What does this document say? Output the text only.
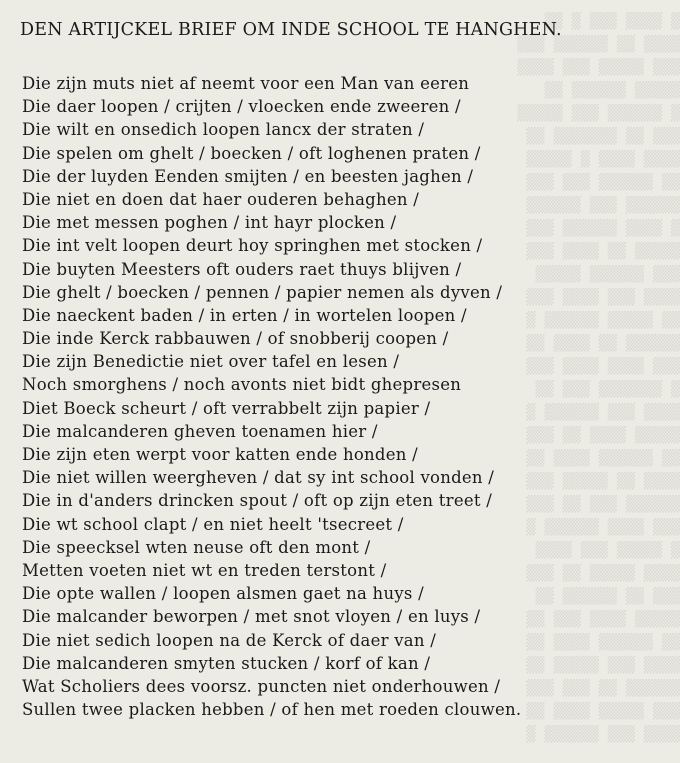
▒ ▒▒▒▒ ▒▒▒ ▒ ▒▒
▒▒▒▒ ▒▒ ▒▒▒▒▒▒ ▒▒▒
▒▒▒ ▒▒▒▒▒ ▒▒▒ ▒▒▒▒
▒▒▒▒▒ ▒▒▒▒▒▒ ▒▒
▒ ▒▒▒▒▒▒ ▒▒▒ ▒▒▒▒▒
▒▒▒ ▒▒ ▒▒▒▒▒▒▒ ▒▒
▒▒▒▒ ▒▒▒▒ ▒ ▒▒▒▒▒
▒▒ ▒▒▒▒▒▒ ▒▒▒ ▒▒▒
▒▒▒▒▒▒ ▒▒▒ ▒▒▒▒▒▒
▒ ▒▒▒▒ ▒▒▒▒▒▒ ▒▒▒
▒▒▒▒▒ ▒▒ ▒▒▒▒ ▒▒▒
▒▒▒ ▒▒▒▒▒▒ ▒▒▒▒▒
▒▒▒▒ ▒▒▒ ▒▒▒▒ ▒▒▒
▒▒ ▒▒▒▒▒ ▒▒▒▒▒▒ ▒
▒▒▒▒▒▒ ▒▒ ▒▒▒▒ ▒▒
▒▒▒ ▒▒▒▒ ▒▒▒▒ ▒▒▒
▒ ▒▒▒▒▒▒▒ ▒▒▒ ▒▒
▒▒▒▒ ▒▒▒ ▒▒▒▒▒▒ ▒
▒▒▒▒▒ ▒▒▒▒ ▒▒ ▒▒▒
▒▒ ▒▒▒▒▒▒ ▒▒▒▒ ▒▒
▒▒▒▒ ▒▒ ▒▒▒▒▒ ▒▒▒
▒▒▒▒▒▒ ▒▒▒ ▒▒ ▒▒▒
▒▒▒ ▒▒▒▒ ▒▒▒▒▒▒ ▒
▒ ▒▒▒▒▒ ▒▒▒ ▒▒▒▒
▒▒▒▒ ▒▒▒▒▒ ▒▒ ▒▒▒
▒▒▒ ▒▒ ▒▒▒▒▒▒ ▒▒
▒▒▒▒▒ ▒▒▒▒ ▒▒▒ ▒▒
▒▒ ▒▒▒▒▒▒ ▒▒▒▒ ▒▒
▒▒▒▒ ▒▒▒ ▒▒▒▒▒ ▒▒
▒▒▒▒▒▒ ▒▒ ▒▒▒ ▒▒▒
▒▒▒ ▒▒▒▒▒ ▒▒▒▒ ▒▒
▒▒▒▒ ▒▒▒ ▒▒▒▒▒▒ ▒
DEN ARTIJCKEL BRIEF OM INDE SCHOOL TE HANGHEN.
Die zijn muts niet af neemt voor een Man van eeren
Die daer loopen / crijten / vloecken ende zweeren /
Die wilt en onsedich loopen lancx der straten /
Die spelen om ghelt / boecken / oft loghenen praten /
Die der luyden Eenden smijten / en beesten jaghen /
Die niet en doen dat haer ouderen behaghen /
Die met messen poghen / int hayr plocken /
Die int velt loopen deurt hoy springhen met stocken /
Die buyten Meesters oft ouders raet thuys blijven /
Die ghelt / boecken / pennen / papier nemen als dyven /
Die naeckent baden / in erten / in wortelen loopen /
Die inde Kerck rabbauwen / of snobberij coopen /
Die zijn Benedictie niet over tafel en lesen /
Noch smorghens / noch avonts niet bidt ghepresen
Diet Boeck scheurt / oft verrabbelt zijn papier /
Die malcanderen gheven toenamen hier /
Die zijn eten werpt voor katten ende honden /
Die niet willen weergheven / dat sy int school vonden /
Die in d'anders drincken spout / oft op zijn eten treet /
Die wt school clapt / en niet heelt 'tsecreet /
Die speecksel wten neuse oft den mont /
Metten voeten niet wt en treden terstont /
Die opte wallen / loopen alsmen gaet na huys /
Die malcander beworpen / met snot vloyen / en luys /
Die niet sedich loopen na de Kerck of daer van /
Die malcanderen smyten stucken / korf of kan /
Wat Scholiers dees voorsz. puncten niet onderhouwen /
Sullen twee placken hebben / of hen met roeden clouwen.
